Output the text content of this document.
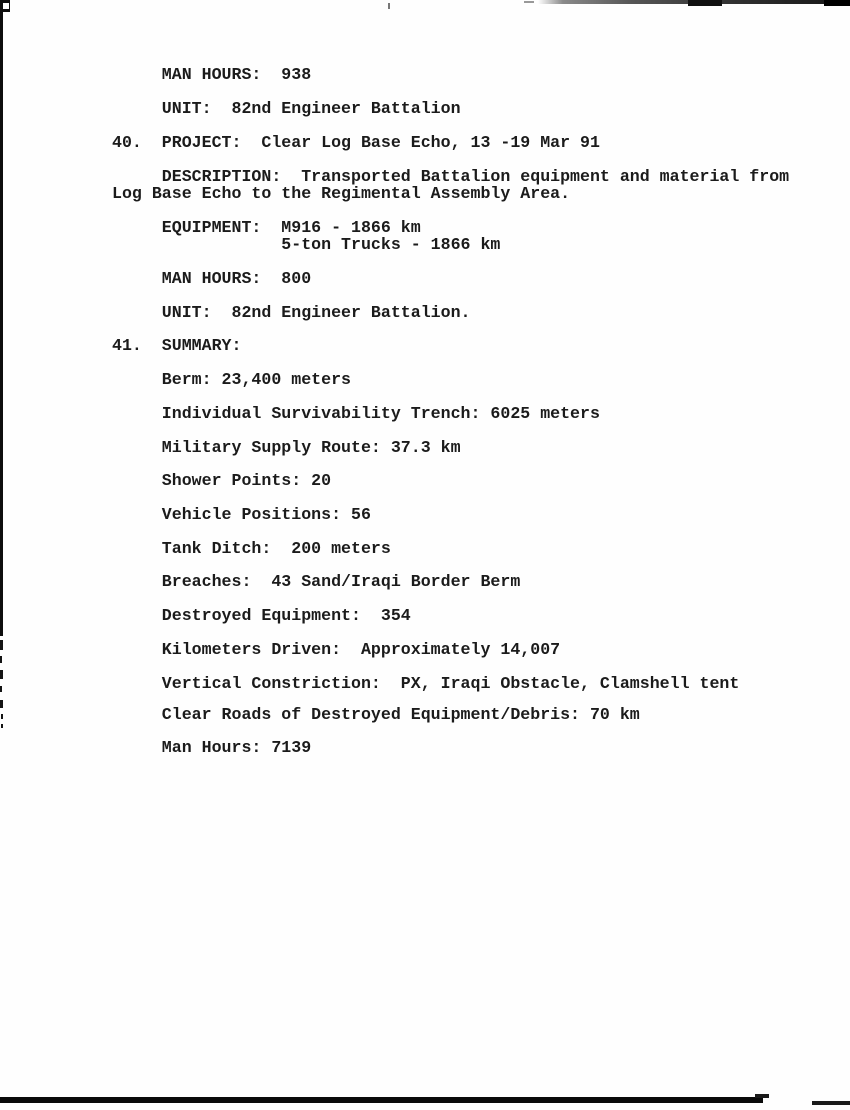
MAN HOURS:  938
UNIT:  82nd Engineer Battalion
40.  PROJECT:  Clear Log Base Echo, 13 -19 Mar 91
DESCRIPTION:  Transported Battalion equipment and material from
Log Base Echo to the Regimental Assembly Area.
EQUIPMENT:  M916 - 1866 km
5-ton Trucks - 1866 km
MAN HOURS:  800
UNIT:  82nd Engineer Battalion.
41.  SUMMARY:
Berm: 23,400 meters
Individual Survivability Trench: 6025 meters
Military Supply Route: 37.3 km
Shower Points: 20
Vehicle Positions: 56
Tank Ditch:  200 meters
Breaches:  43 Sand/Iraqi Border Berm
Destroyed Equipment:  354
Kilometers Driven:  Approximately 14,007
Vertical Constriction:  PX, Iraqi Obstacle, Clamshell tent
Clear Roads of Destroyed Equipment/Debris: 70 km
Man Hours: 7139
